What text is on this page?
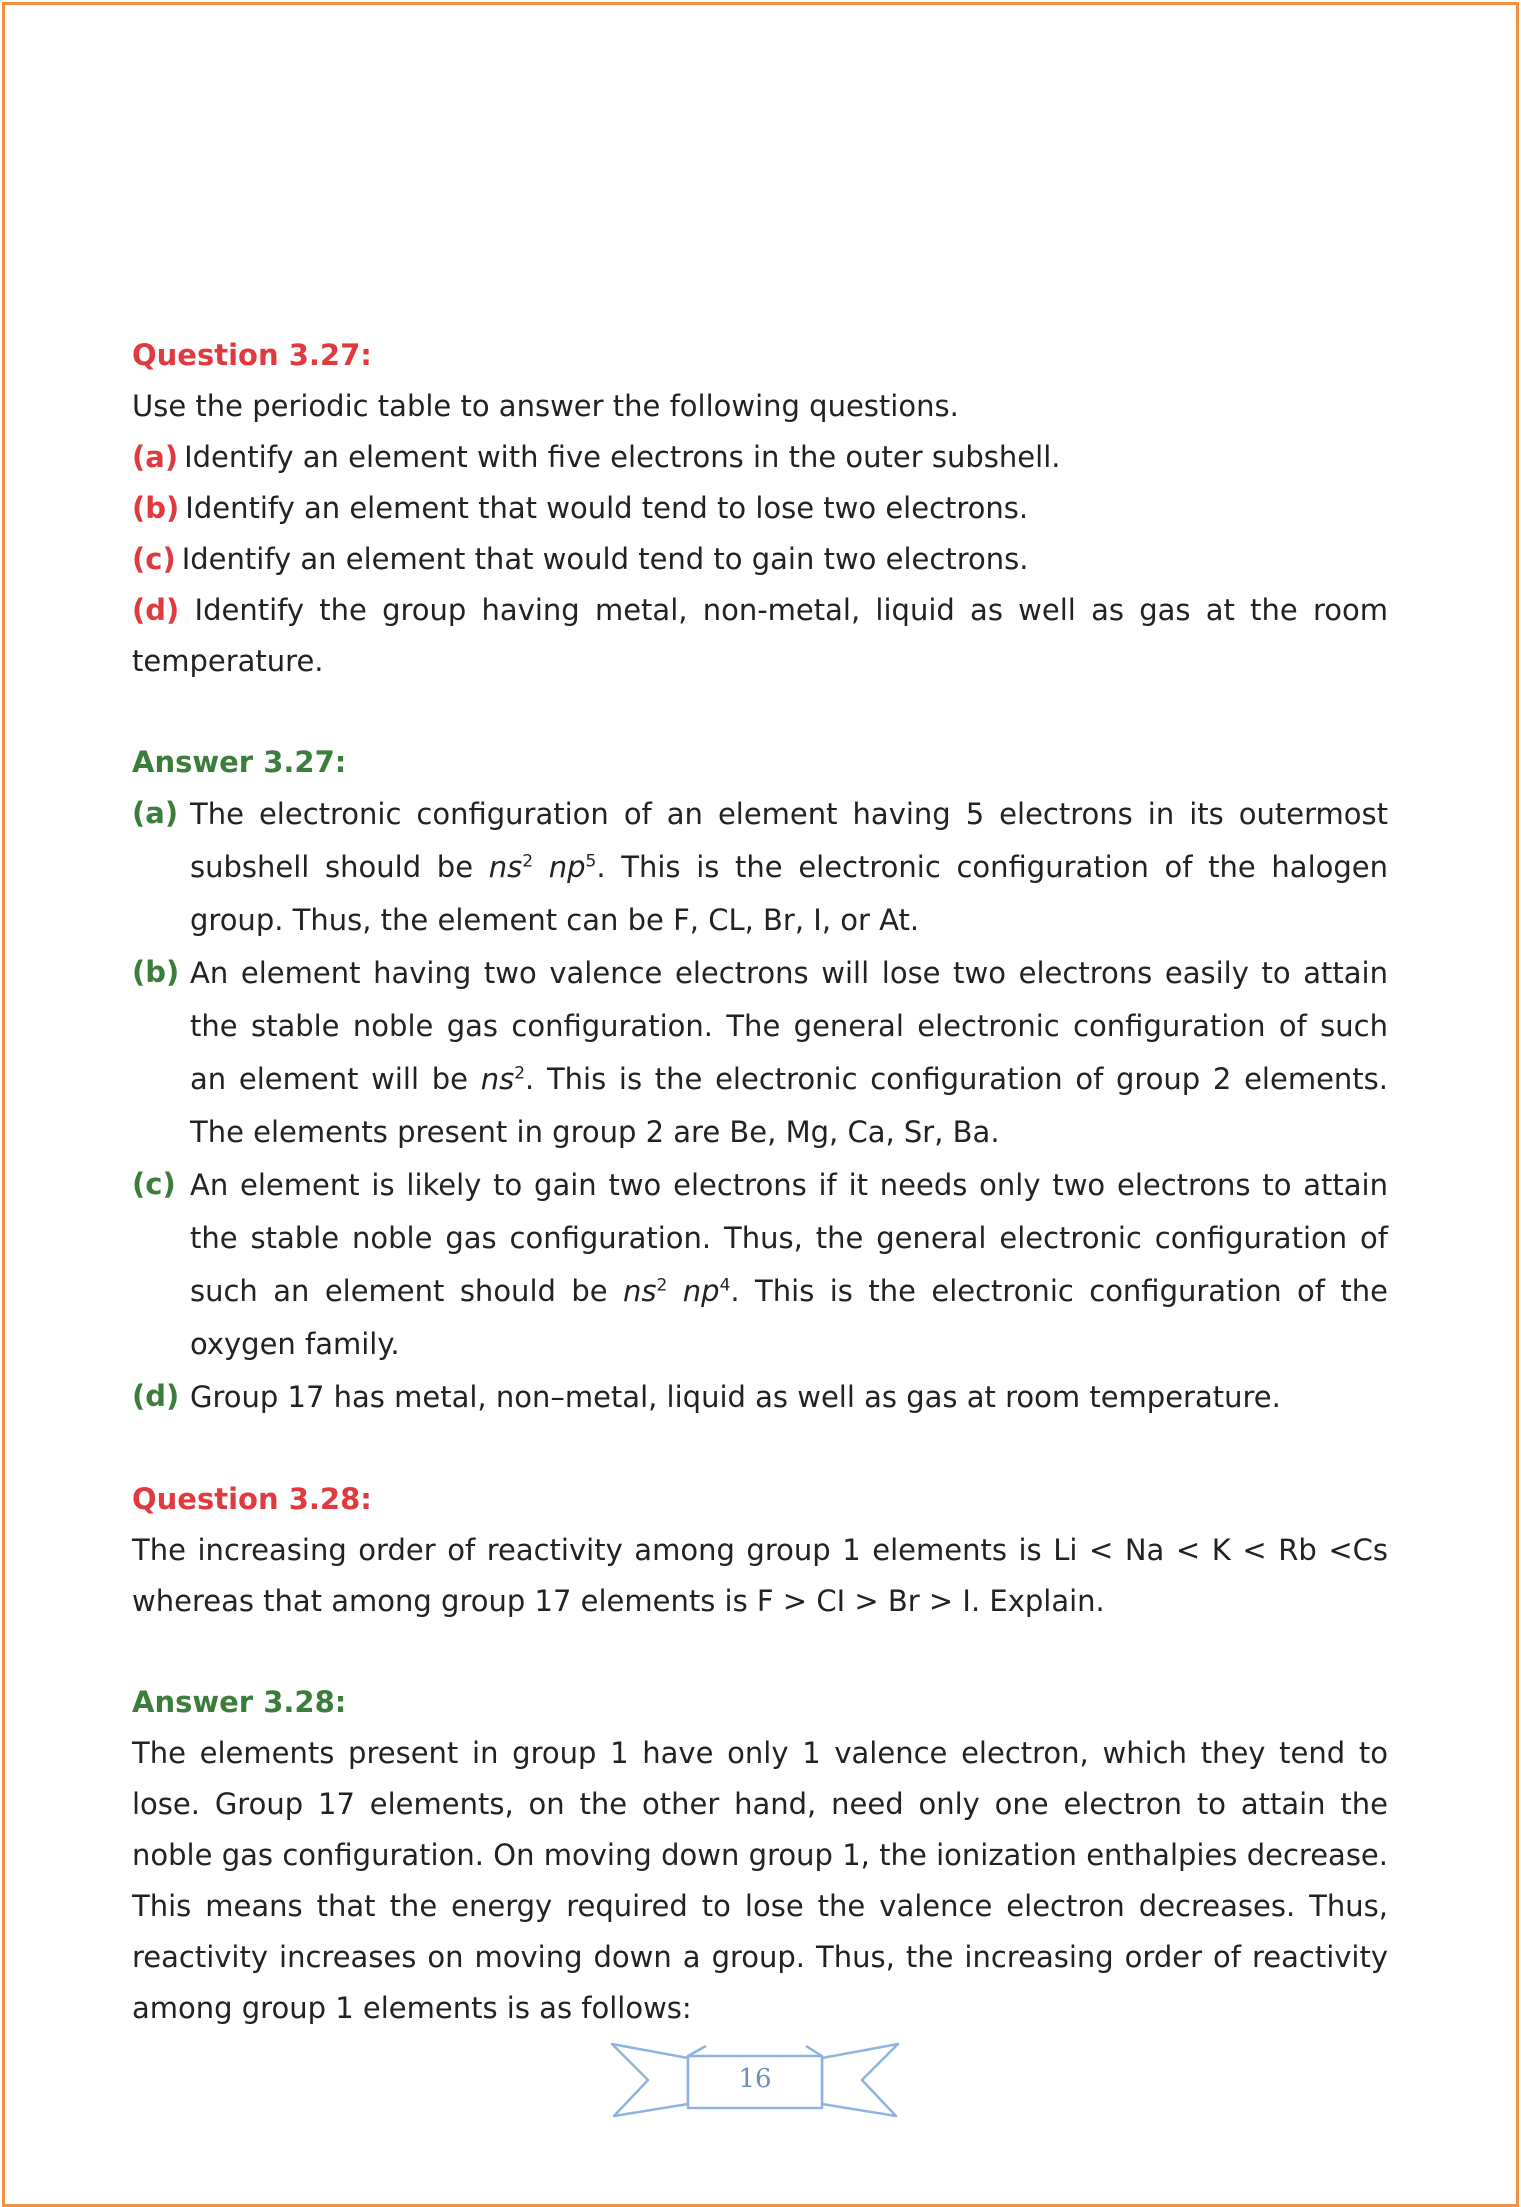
Question 3.27:

Use the periodic table to answer the following questions.

(a) Identify an element with five electrons in the outer subshell.
(b) Identify an element that would tend to lose two electrons.
(c) Identify an element that would tend to gain two electrons.

(d) Identify the group having metal, non-metal, liquid as well as gas at the room temperature.

Answer 3.27:

(a) The electronic configuration of an element having 5 electrons in its outermost subshell should be $ns^2$ $np^5$. This is the electronic configuration of the halogen group. Thus, the element can be F, CL, Br, I, or At.
(b) An element having two valence electrons will lose two electrons easily to attain the stable noble gas configuration. The general electronic configuration of such an element will be $ns^2$. This is the electronic configuration of group 2 elements. The elements present in group 2 are Be, Mg, Ca, Sr, Ba.
(c) An element is likely to gain two electrons if it needs only two electrons to attain the stable noble gas configuration. Thus, the general electronic configuration of such an element should be $ns^2$ $np^4$. This is the electronic configuration of the oxygen family.
(d) Group 17 has metal, non–metal, liquid as well as gas at room temperature.

Question 3.28:

The increasing order of reactivity among group 1 elements is Li < Na < K < Rb <Cs whereas that among group 17 elements is F > CI > Br > I. Explain.

Answer 3.28:

The elements present in group 1 have only 1 valence electron, which they tend to lose. Group 17 elements, on the other hand, need only one electron to attain the noble gas configuration. On moving down group 1, the ionization enthalpies decrease. This means that the energy required to lose the valence electron decreases. Thus, reactivity increases on moving down a group. Thus, the increasing order of reactivity among group 1 elements is as follows:

16
